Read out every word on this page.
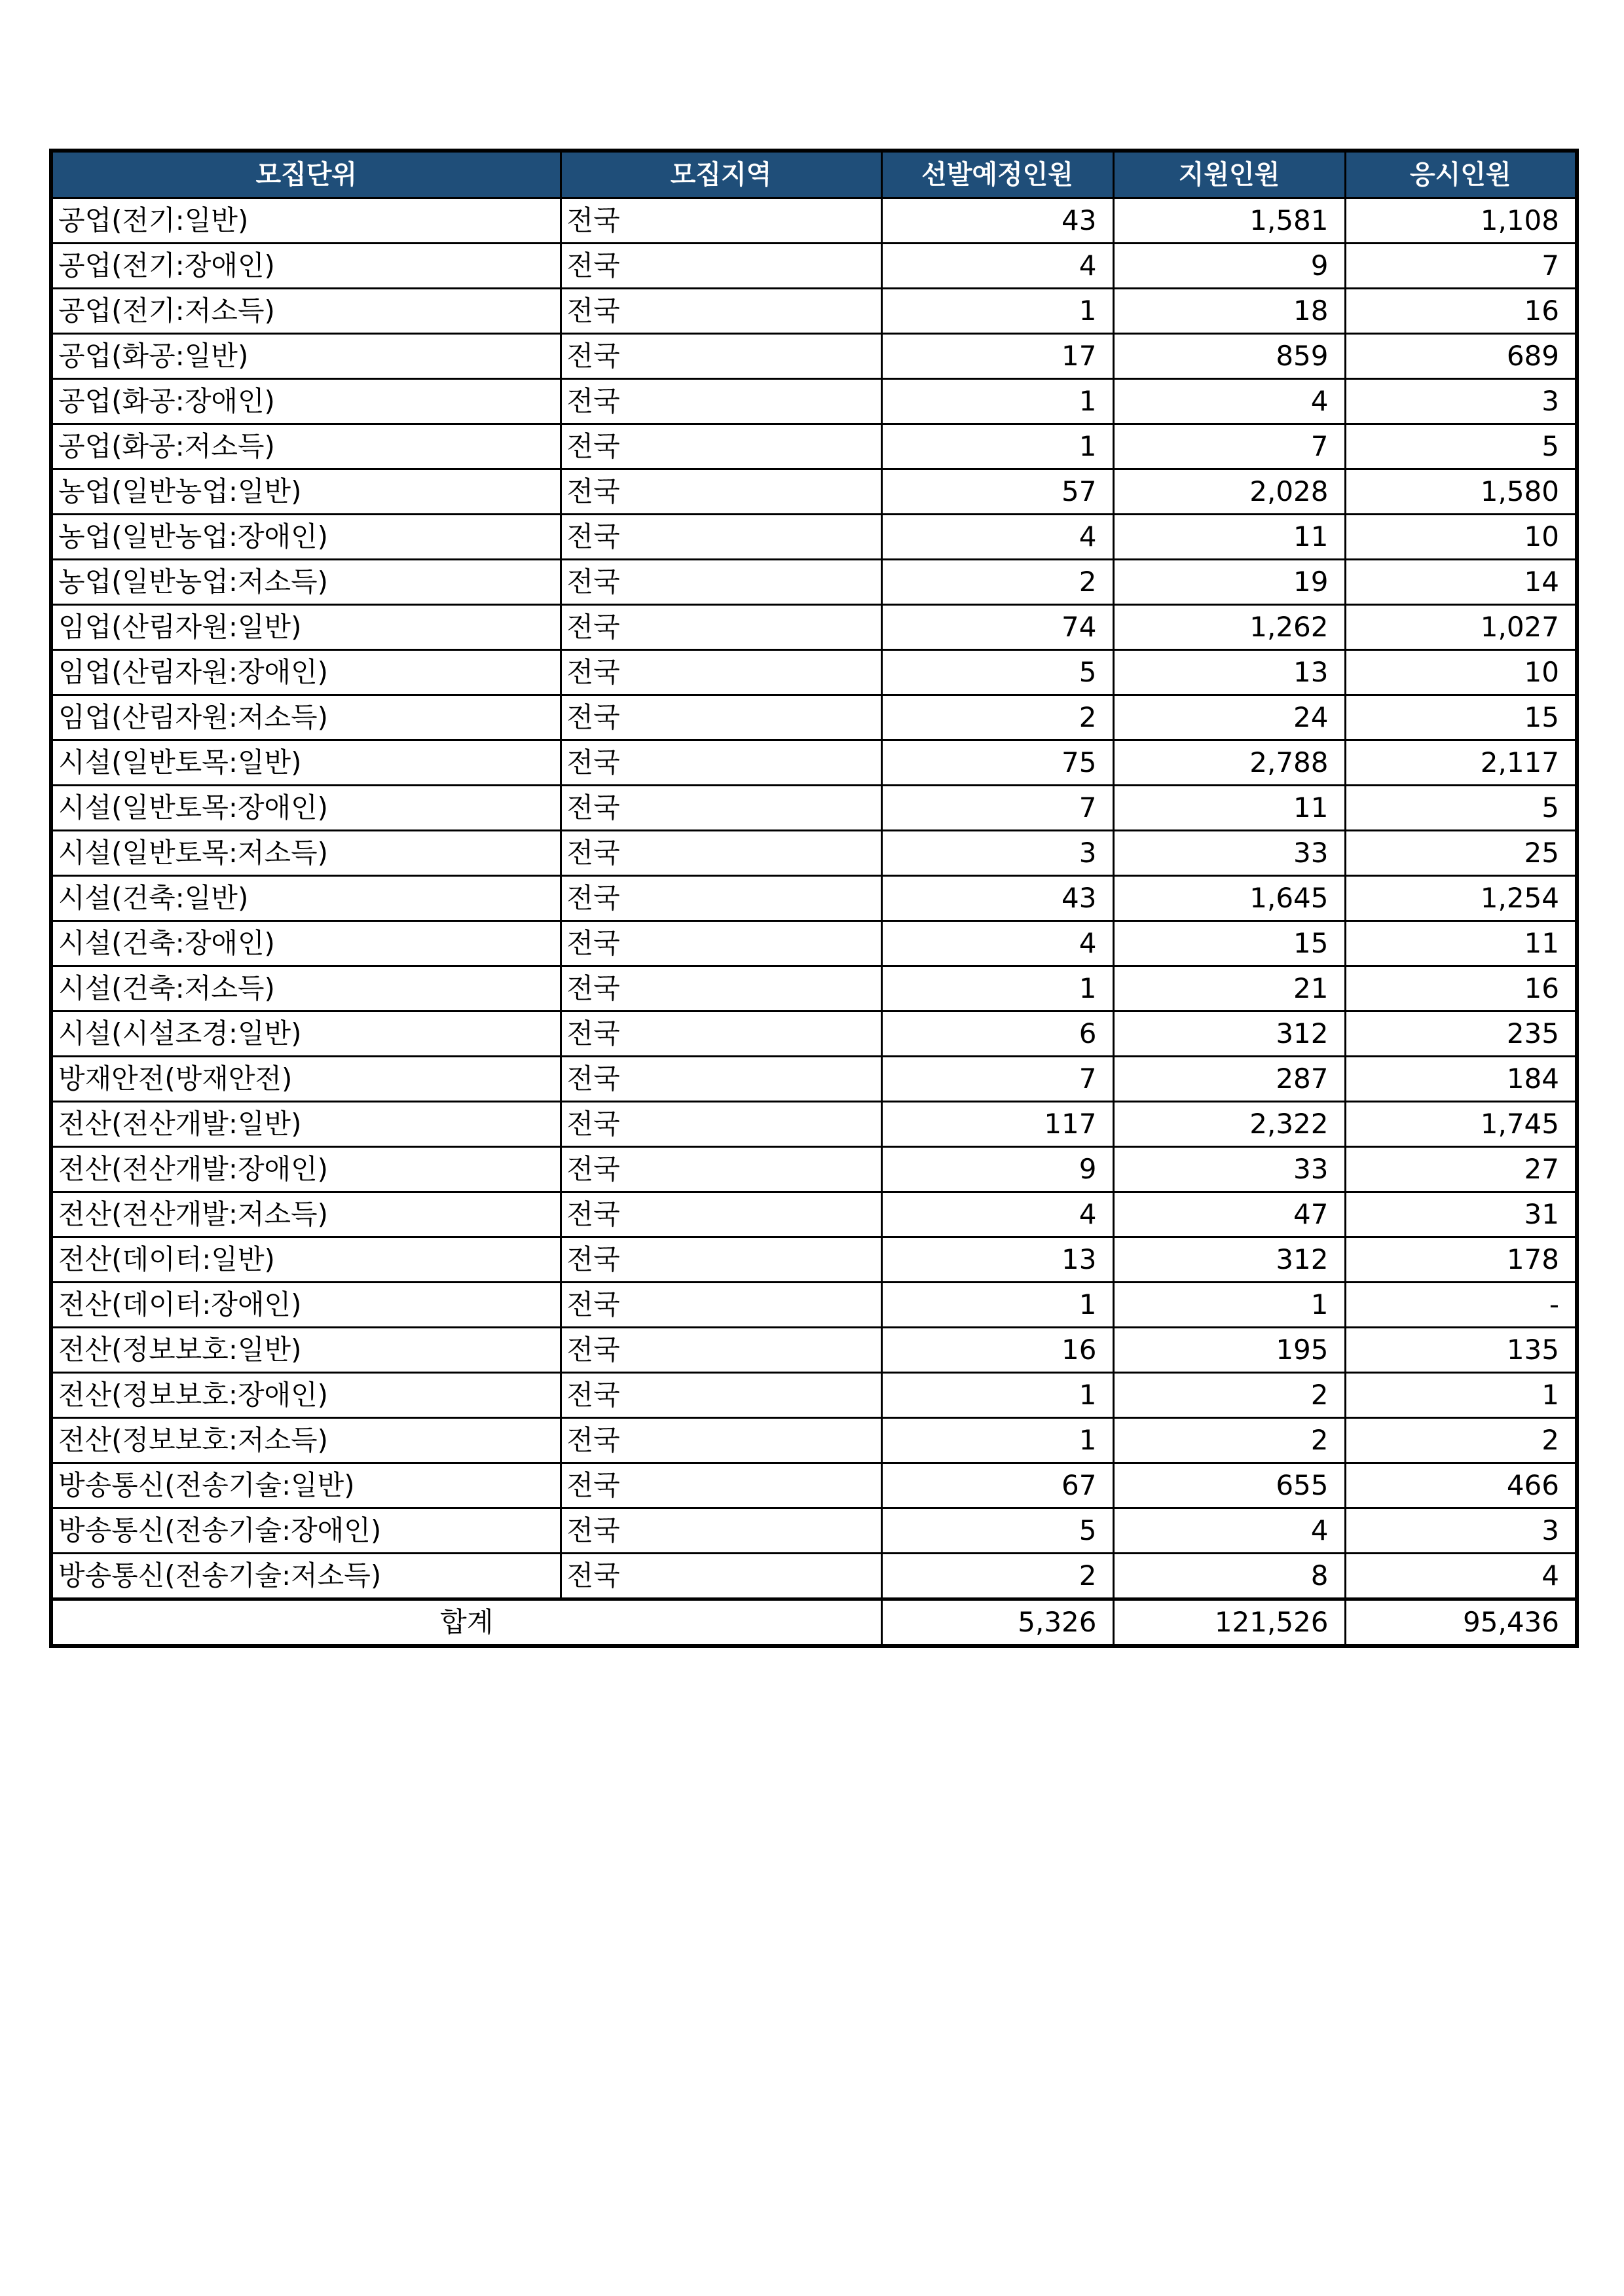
모집단위	모집지역	선발예정인원	지원인원	응시인원
공업(전기:일반)	전국	43	1,581	1,108
공업(전기:장애인)	전국	4	9	7
공업(전기:저소득)	전국	1	18	16
공업(화공:일반)	전국	17	859	689
공업(화공:장애인)	전국	1	4	3
공업(화공:저소득)	전국	1	7	5
농업(일반농업:일반)	전국	57	2,028	1,580
농업(일반농업:장애인)	전국	4	11	10
농업(일반농업:저소득)	전국	2	19	14
임업(산림자원:일반)	전국	74	1,262	1,027
임업(산림자원:장애인)	전국	5	13	10
임업(산림자원:저소득)	전국	2	24	15
시설(일반토목:일반)	전국	75	2,788	2,117
시설(일반토목:장애인)	전국	7	11	5
시설(일반토목:저소득)	전국	3	33	25
시설(건축:일반)	전국	43	1,645	1,254
시설(건축:장애인)	전국	4	15	11
시설(건축:저소득)	전국	1	21	16
시설(시설조경:일반)	전국	6	312	235
방재안전(방재안전)	전국	7	287	184
전산(전산개발:일반)	전국	117	2,322	1,745
전산(전산개발:장애인)	전국	9	33	27
전산(전산개발:저소득)	전국	4	47	31
전산(데이터:일반)	전국	13	312	178
전산(데이터:장애인)	전국	1	1	-
전산(정보보호:일반)	전국	16	195	135
전산(정보보호:장애인)	전국	1	2	1
전산(정보보호:저소득)	전국	1	2	2
방송통신(전송기술:일반)	전국	67	655	466
방송통신(전송기술:장애인)	전국	5	4	3
방송통신(전송기술:저소득)	전국	2	8	4
합계		5,326	121,526	95,436
